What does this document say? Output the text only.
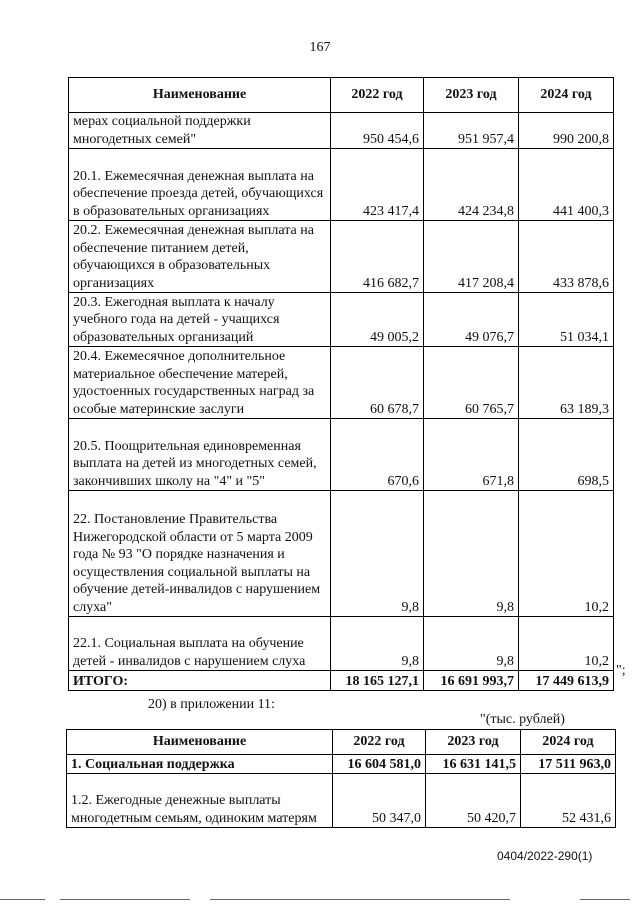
167
Наименование	2022 год	2023 год	2024 год
мерах социальной поддержки многодетных семей"	950 454,6	951 957,4	990 200,8
20.1. Ежемесячная денежная выплата на обеспечение проезда детей, обучающихся в образовательных организациях	423 417,4	424 234,8	441 400,3
20.2. Ежемесячная денежная выплата на обеспечение питанием детей, обучающихся в образовательных организациях	416 682,7	417 208,4	433 878,6
20.3. Ежегодная выплата к началу учебного года на детей - учащихся образовательных организаций	49 005,2	49 076,7	51 034,1
20.4. Ежемесячное дополнительное материальное обеспечение матерей, удостоенных государственных наград за особые материнские заслуги	60 678,7	60 765,7	63 189,3
20.5. Поощрительная единовременная выплата на детей из многодетных семей, закончивших школу на "4" и "5"	670,6	671,8	698,5
22. Постановление Правительства Нижегородской области от 5 марта 2009 года № 93 "О порядке назначения и осуществления социальной выплаты на обучение детей-инвалидов с нарушением слуха"	9,8	9,8	10,2
22.1. Социальная выплата на обучение детей - инвалидов с нарушением слуха	9,8	9,8	10,2
ИТОГО:	18 165 127,1	16 691 993,7	17 449 613,9
";
20) в приложении 11:
"(тыс. рублей)
Наименование	2022 год	2023 год	2024 год
1. Социальная поддержка	16 604 581,0	16 631 141,5	17 511 963,0
1.2. Ежегодные денежные выплаты многодетным семьям, одиноким матерям	50 347,0	50 420,7	52 431,6
0404/2022-290(1)
